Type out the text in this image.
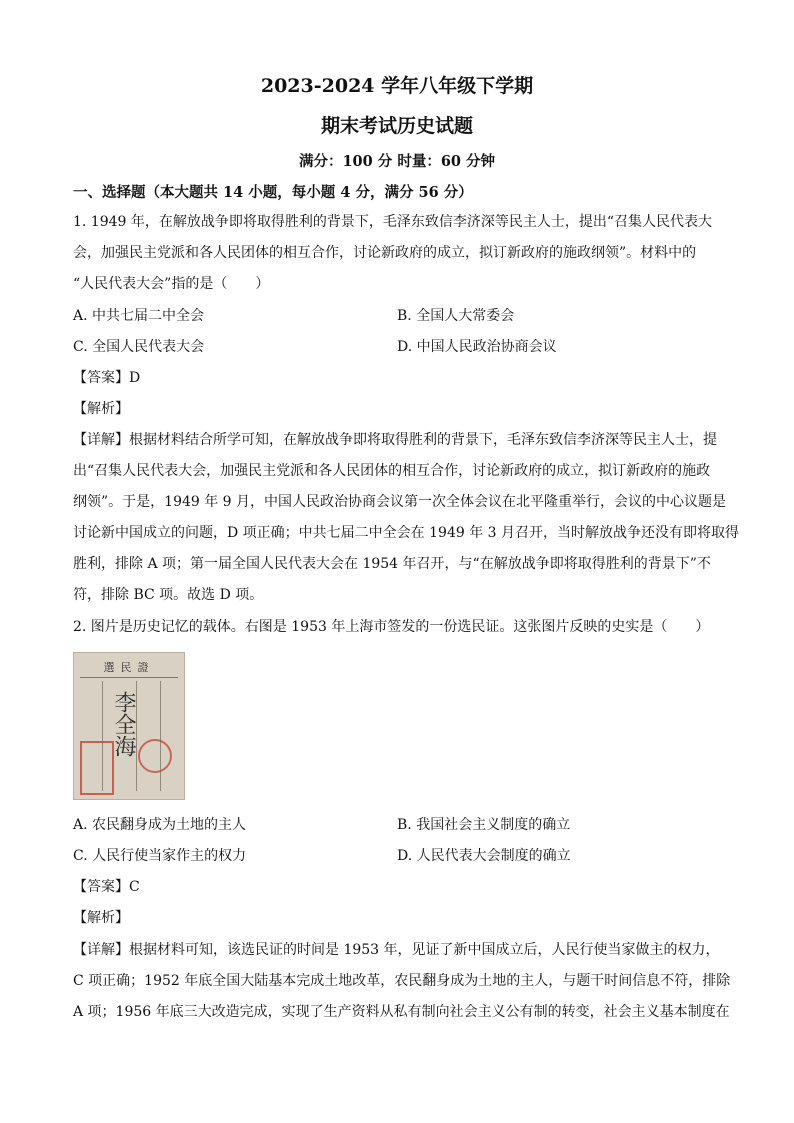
2023-2024 学年八年级下学期
期末考试历史试题
满分：100 分 时量：60 分钟
一、选择题（本大题共 14 小题，每小题 4 分，满分 56 分）
1. 1949 年，在解放战争即将取得胜利的背景下，毛泽东致信李济深等民主人士，提出“召集人民代表大
会，加强民主党派和各人民团体的相互合作，讨论新政府的成立，拟订新政府的施政纲领”。材料中的
“人民代表大会”指的是（　　）
A. 中共七届二中全会	B. 全国人大常委会
C. 全国人民代表大会	D. 中国人民政治协商会议
【答案】D
【解析】
【详解】根据材料结合所学可知，在解放战争即将取得胜利的背景下，毛泽东致信李济深等民主人士，提
出“召集人民代表大会，加强民主党派和各人民团体的相互合作，讨论新政府的成立，拟订新政府的施政
纲领”。于是，1949 年 9 月，中国人民政治协商会议第一次全体会议在北平隆重举行，会议的中心议题是
讨论新中国成立的问题，D 项正确；中共七届二中全会在 1949 年 3 月召开，当时解放战争还没有即将取得
胜利，排除 A 项；第一届全国人民代表大会在 1954 年召开，与“在解放战争即将取得胜利的背景下”不
符，排除 BC 项。故选 D 项。
2. 图片是历史记忆的载体。右图是 1953 年上海市签发的一份选民证。这张图片反映的史实是（　　）
選民證
李全海
A. 农民翻身成为土地的主人	B. 我国社会主义制度的确立
C. 人民行使当家作主的权力	D. 人民代表大会制度的确立
【答案】C
【解析】
【详解】根据材料可知，该选民证的时间是 1953 年，见证了新中国成立后，人民行使当家做主的权力，
C 项正确；1952 年底全国大陆基本完成土地改革，农民翻身成为土地的主人，与题干时间信息不符，排除
A 项；1956 年底三大改造完成，实现了生产资料从私有制向社会主义公有制的转变，社会主义基本制度在
